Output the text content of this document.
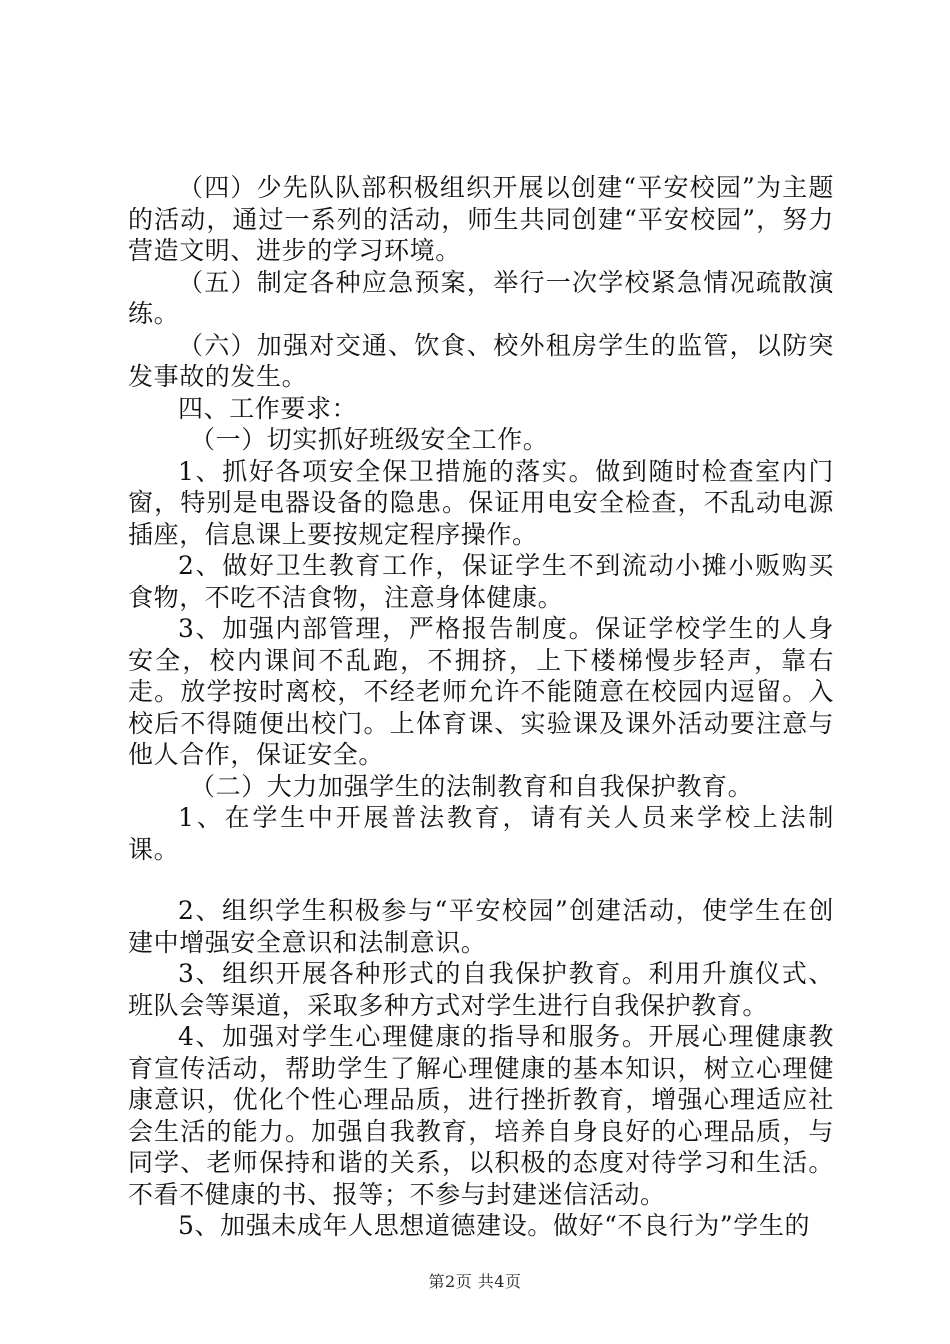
（四）少先队队部积极组织开展以创建“平安校园”为主题的活动，通过一系列的活动，师生共同创建“平安校园”，努力营造文明、进步的学习环境。

（五）制定各种应急预案，举行一次学校紧急情况疏散演练。

（六）加强对交通、饮食、校外租房学生的监管，以防突发事故的发生。

四、工作要求：

（一）切实抓好班级安全工作。

1、抓好各项安全保卫措施的落实。做到随时检查室内门窗，特别是电器设备的隐患。保证用电安全检查，不乱动电源插座，信息课上要按规定程序操作。

2、做好卫生教育工作，保证学生不到流动小摊小贩购买食物，不吃不洁食物，注意身体健康。

3、加强内部管理，严格报告制度。保证学校学生的人身安全，校内课间不乱跑，不拥挤，上下楼梯慢步轻声，靠右走。放学按时离校，不经老师允许不能随意在校园内逗留。入校后不得随便出校门。上体育课、实验课及课外活动要注意与他人合作，保证安全。

（二）大力加强学生的法制教育和自我保护教育。

1、在学生中开展普法教育，请有关人员来学校上法制课。

2、组织学生积极参与“平安校园”创建活动，使学生在创建中增强安全意识和法制意识。

3、组织开展各种形式的自我保护教育。利用升旗仪式、班队会等渠道，采取多种方式对学生进行自我保护教育。

4、加强对学生心理健康的指导和服务。开展心理健康教育宣传活动，帮助学生了解心理健康的基本知识，树立心理健康意识，优化个性心理品质，进行挫折教育，增强心理适应社会生活的能力。加强自我教育，培养自身良好的心理品质，与同学、老师保持和谐的关系，以积极的态度对待学习和生活。不看不健康的书、报等；不参与封建迷信活动。

5、加强未成年人思想道德建设。做好“不良行为”学生的

第2页 共4页
